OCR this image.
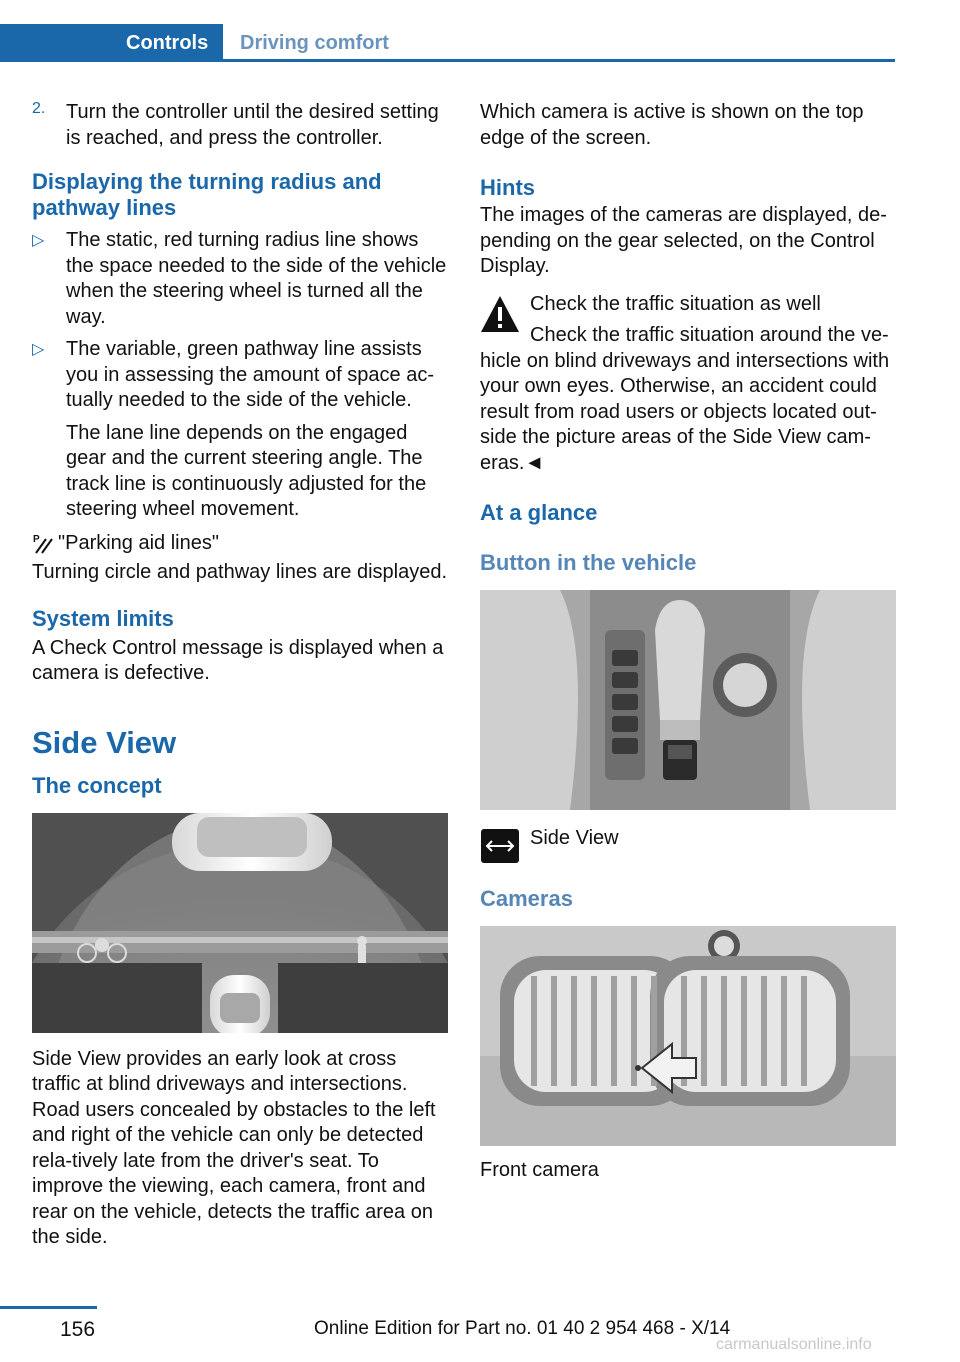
Controls	Driving comfort
2.	Turn the controller until the desired setting is reached, and press the controller.

Displaying the turning radius and pathway lines
▷	The static, red turning radius line shows the space needed to the side of the vehicle when the steering wheel is turned all the way.

▷	The variable, green pathway line assists you in assessing the amount of space ac-tually needed to the side of the vehicle.

The lane line depends on the engaged gear and the current steering angle. The track line is continuously adjusted for the steering wheel movement.

P "Parking aid lines"

Turning circle and pathway lines are displayed.

System limits

A Check Control message is displayed when a camera is defective.

Side View
The concept

Side View provides an early look at cross traffic at blind driveways and intersections. Road users concealed by obstacles to the left and right of the vehicle can only be detected rela-tively late from the driver's seat. To improve the viewing, each camera, front and rear on the vehicle, detects the traffic area on the side.

Which camera is active is shown on the top edge of the screen.

Hints

The images of the cameras are displayed, de-pending on the gear selected, on the Control Display.

Check the traffic situation as well

Check the traffic situation around the ve-

hicle on blind driveways and intersections with your own eyes. Otherwise, an accident could result from road users or objects located out-side the picture areas of the Side View cam-eras.◄

At a glance
Button in the vehicle

Side View

Cameras

Front camera

156	Online Edition for Part no. 01 40 2 954 468 - X/14
carmanualsonline.info
